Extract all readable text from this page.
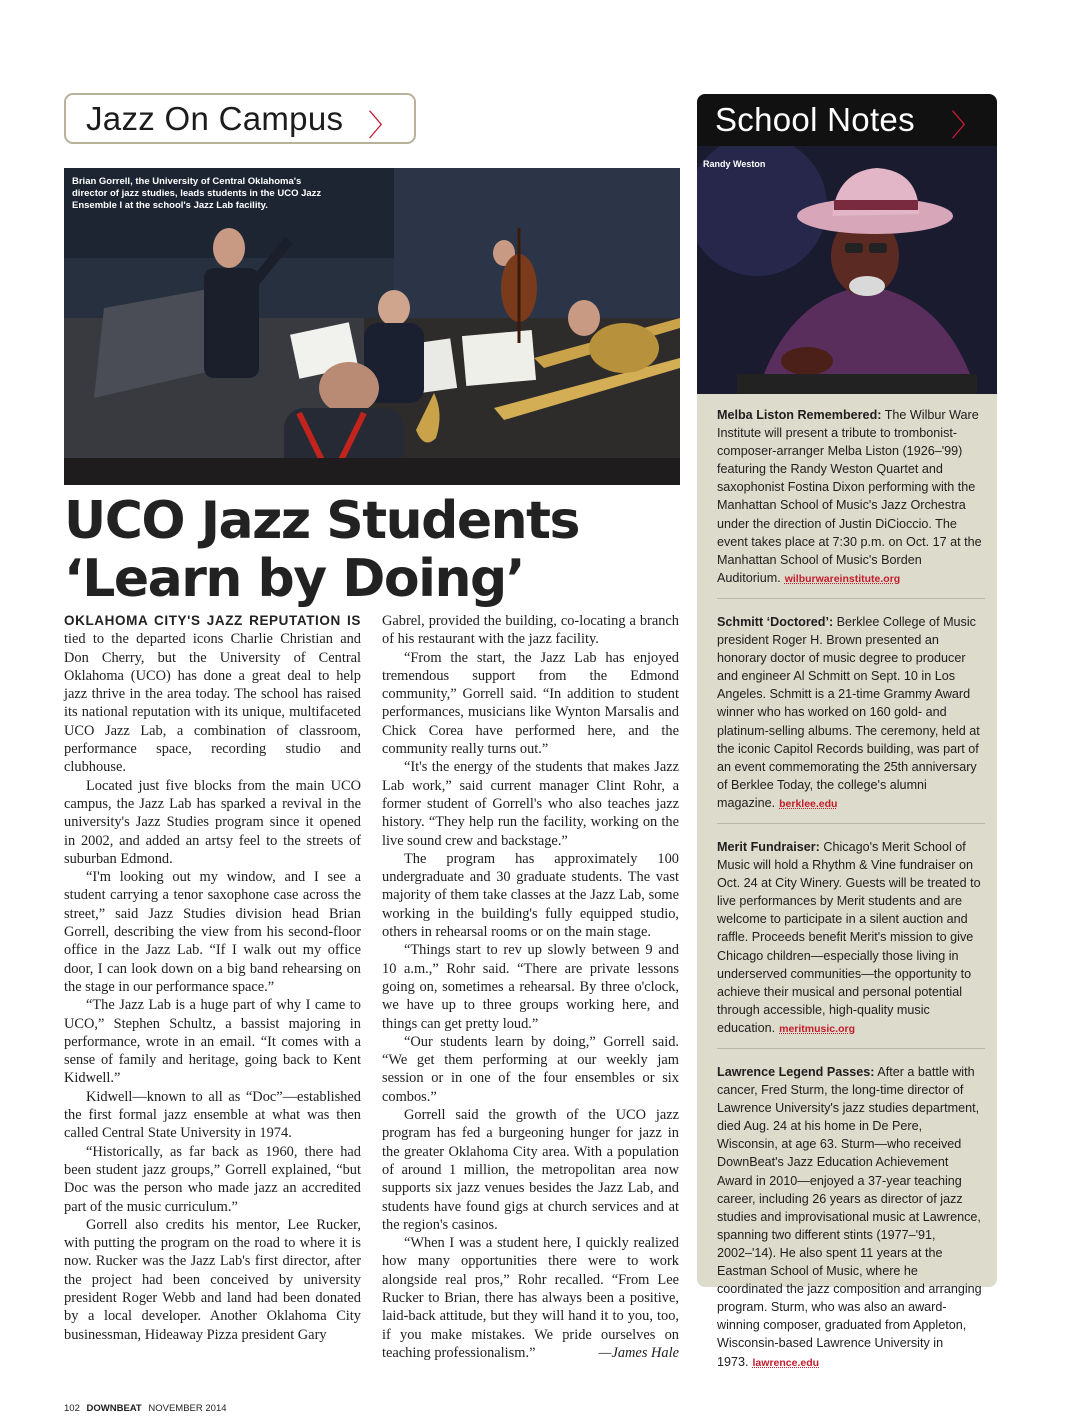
Jazz On Campus 〉	School Notes 〉
Brian Gorrell, the University of Central Oklahoma's director of jazz studies, leads students in the UCO Jazz Ensemble I at the school's Jazz Lab facility.
UCO Jazz Students
‘Learn by Doing’

OKLAHOMA CITY'S JAZZ REPUTATION IS tied to the departed icons Charlie Christian and Don Cherry, but the University of Central Oklahoma (UCO) has done a great deal to help jazz thrive in the area today. The school has raised its national reputation with its unique, multifaceted UCO Jazz Lab, a combination of classroom, performance space, recording studio and clubhouse.

Located just five blocks from the main UCO campus, the Jazz Lab has sparked a revival in the university's Jazz Studies program since it opened in 2002, and added an artsy feel to the streets of suburban Edmond.

“I'm looking out my window, and I see a student carrying a tenor saxophone case across the street,” said Jazz Studies division head Brian Gorrell, describing the view from his second-floor office in the Jazz Lab. “If I walk out my office door, I can look down on a big band rehearsing on the stage in our performance space.”

“The Jazz Lab is a huge part of why I came to UCO,” Stephen Schultz, a bassist majoring in performance, wrote in an email. “It comes with a sense of family and heritage, going back to Kent Kidwell.”

Kidwell—known to all as “Doc”—established the first formal jazz ensemble at what was then called Central State University in 1974.

“Historically, as far back as 1960, there had been student jazz groups,” Gorrell explained, “but Doc was the person who made jazz an accredited part of the music curriculum.”

Gorrell also credits his mentor, Lee Rucker, with putting the program on the road to where it is now. Rucker was the Jazz Lab's first director, after the project had been conceived by university president Roger Webb and land had been donated by a local developer. Another Oklahoma City businessman, Hideaway Pizza president Gary

Gabrel, provided the building, co-locating a branch of his restaurant with the jazz facility.

“From the start, the Jazz Lab has enjoyed tremendous support from the Edmond community,” Gorrell said. “In addition to student performances, musicians like Wynton Marsalis and Chick Corea have performed here, and the community really turns out.”

“It's the energy of the students that makes Jazz Lab work,” said current manager Clint Rohr, a former student of Gorrell's who also teaches jazz history. “They help run the facility, working on the live sound crew and backstage.”

The program has approximately 100 undergraduate and 30 graduate students. The vast majority of them take classes at the Jazz Lab, some working in the building's fully equipped studio, others in rehearsal rooms or on the main stage.

“Things start to rev up slowly between 9 and 10 a.m.,” Rohr said. “There are private lessons going on, sometimes a rehearsal. By three o'clock, we have up to three groups working here, and things can get pretty loud.”

“Our students learn by doing,” Gorrell said. “We get them performing at our weekly jam session or in one of the four ensembles or six combos.”

Gorrell said the growth of the UCO jazz program has fed a burgeoning hunger for jazz in the greater Oklahoma City area. With a population of around 1 million, the metropolitan area now supports six jazz venues besides the Jazz Lab, and students have found gigs at church services and at the region's casinos.

“When I was a student here, I quickly realized how many opportunities there were to work alongside real pros,” Rohr recalled. “From Lee Rucker to Brian, there has always been a positive, laid-back attitude, but they will hand it to you, too, if you make mistakes. We pride ourselves on teaching professionalism.”	—James Hale

Randy Weston
Melba Liston Remembered: The Wilbur Ware Institute will present a tribute to trombonist-composer-arranger Melba Liston (1926–'99) featuring the Randy Weston Quartet and saxophonist Fostina Dixon performing with the Manhattan School of Music's Jazz Orchestra under the direction of Justin DiCioccio. The event takes place at 7:30 p.m. on Oct. 17 at the Manhattan School of Music's Borden Auditorium. wilburwareinstitute.org
Schmitt ‘Doctored’: Berklee College of Music president Roger H. Brown presented an honorary doctor of music degree to producer and engineer Al Schmitt on Sept. 10 in Los Angeles. Schmitt is a 21-time Grammy Award winner who has worked on 160 gold- and platinum-selling albums. The ceremony, held at the iconic Capitol Records building, was part of an event commemorating the 25th anniversary of Berklee Today, the college's alumni magazine. berklee.edu
Merit Fundraiser: Chicago's Merit School of Music will hold a Rhythm & Vine fundraiser on Oct. 24 at City Winery. Guests will be treated to live performances by Merit students and are welcome to participate in a silent auction and raffle. Proceeds benefit Merit's mission to give Chicago children—especially those living in underserved communities—the opportunity to achieve their musical and personal potential through accessible, high-quality music education. meritmusic.org
Lawrence Legend Passes: After a battle with cancer, Fred Sturm, the long-time director of Lawrence University's jazz studies department, died Aug. 24 at his home in De Pere, Wisconsin, at age 63. Sturm—who received DownBeat's Jazz Education Achievement Award in 2010—enjoyed a 37-year teaching career, including 26 years as director of jazz studies and improvisational music at Lawrence, spanning two different stints (1977–'91, 2002–'14). He also spent 11 years at the Eastman School of Music, where he coordinated the jazz composition and arranging program. Sturm, who was also an award-winning composer, graduated from Appleton, Wisconsin-based Lawrence University in 1973. lawrence.edu
102 DOWNBEAT NOVEMBER 2014
